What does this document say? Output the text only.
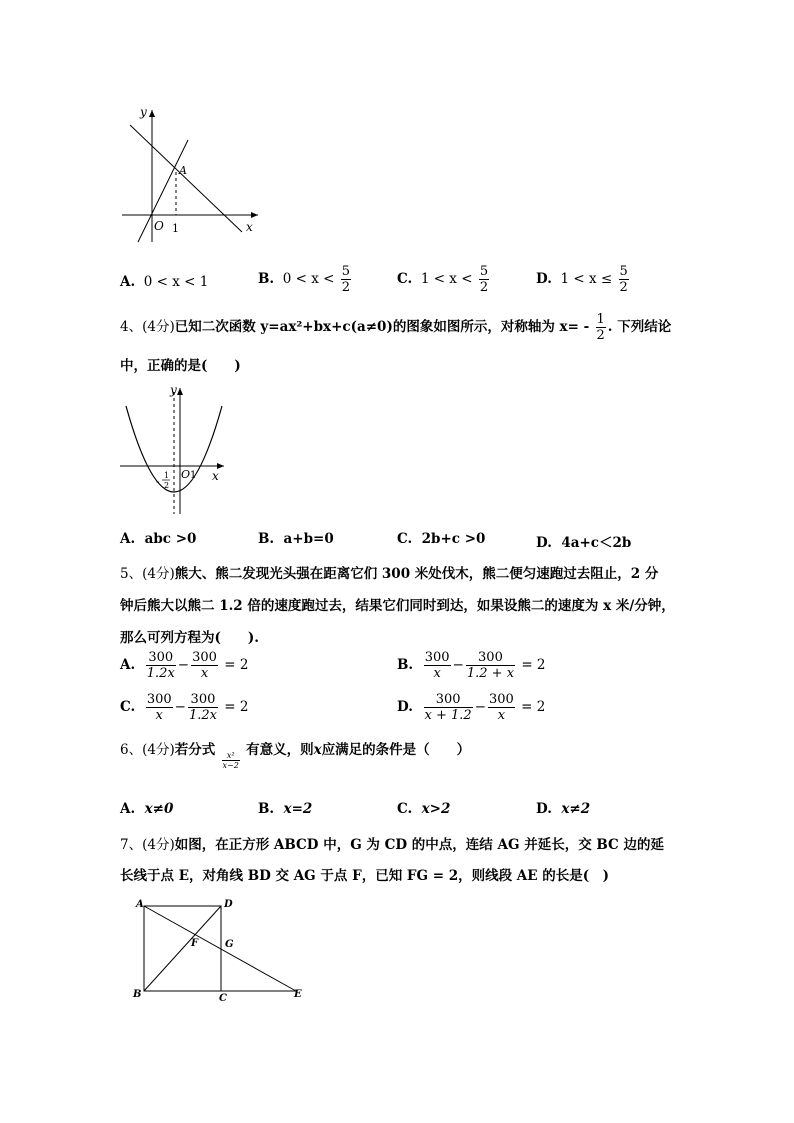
y
x
A
O 1
A. 0 < x < 1	B. $0 < x < \frac{5}{2}$	C. $1 < x < \frac{5}{2}$	D. $1 < x \le \frac{5}{2}$
4、(4分)已知二次函数 y=ax²+bx+c(a≠0)的图象如图所示，对称轴为 $x= - \frac{1}{2}$ . 下列结论
中，正确的是(　　)
y
x
O 1
-
1
2
A. abc >0	B. a+b=0	C. 2b+c >0	D. 4a+c＜2b
5、(4分)熊大、熊二发现光头强在距离它们 300 米处伐木，熊二便匀速跑过去阻止，2 分
钟后熊大以熊二 1.2 倍的速度跑过去，结果它们同时到达，如果设熊二的速度为 x 米/分钟，
那么可列方程为(　　).
A. $\frac{300}{1.2x} - \frac{300}{x} = 2$	B. $\frac{300}{x} - \frac{300}{1.2 + x} = 2$
C. $\frac{300}{x} - \frac{300}{1.2x} = 2$	D. $\frac{300}{x + 1.2} - \frac{300}{x} = 2$
6、(4分)若分式
$\frac{\text{x²}}{x-2}$
有意义，则x应满足的条件是（　　）
A. x≠0	B. x=2	C. x>2	D. x≠2
7、(4分)如图，在正方形 ABCD 中，G 为 CD 的中点，连结 AG 并延长，交 BC 边的延
长线于点 E，对角线 BD 交 AG 于点 F，已知 FG = 2，则线段 AE 的长是(　)
A	D
B	C	E
F	G
